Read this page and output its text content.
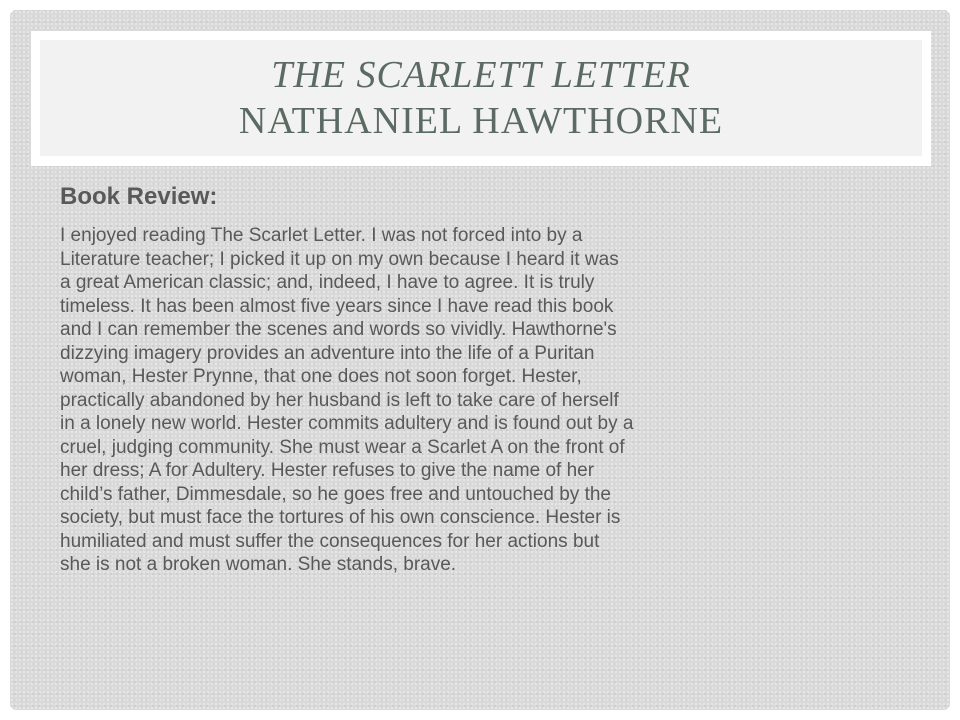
THE SCARLETT LETTER
NATHANIEL HAWTHORNE
Book Review:

I enjoyed reading The Scarlet Letter. I was not forced into by a
Literature teacher; I picked it up on my own because I heard it was
a great American classic; and, indeed, I have to agree. It is truly
timeless. It has been almost five years since I have read this book
and I can remember the scenes and words so vividly. Hawthorne's
dizzying imagery provides an adventure into the life of a Puritan
woman, Hester Prynne, that one does not soon forget. Hester,
practically abandoned by her husband is left to take care of herself
in a lonely new world. Hester commits adultery and is found out by a
cruel, judging community. She must wear a Scarlet A on the front of
her dress; A for Adultery. Hester refuses to give the name of her
child’s father, Dimmesdale, so he goes free and untouched by the
society, but must face the tortures of his own conscience. Hester is
humiliated and must suffer the consequences for her actions but
she is not a broken woman. She stands, brave.
